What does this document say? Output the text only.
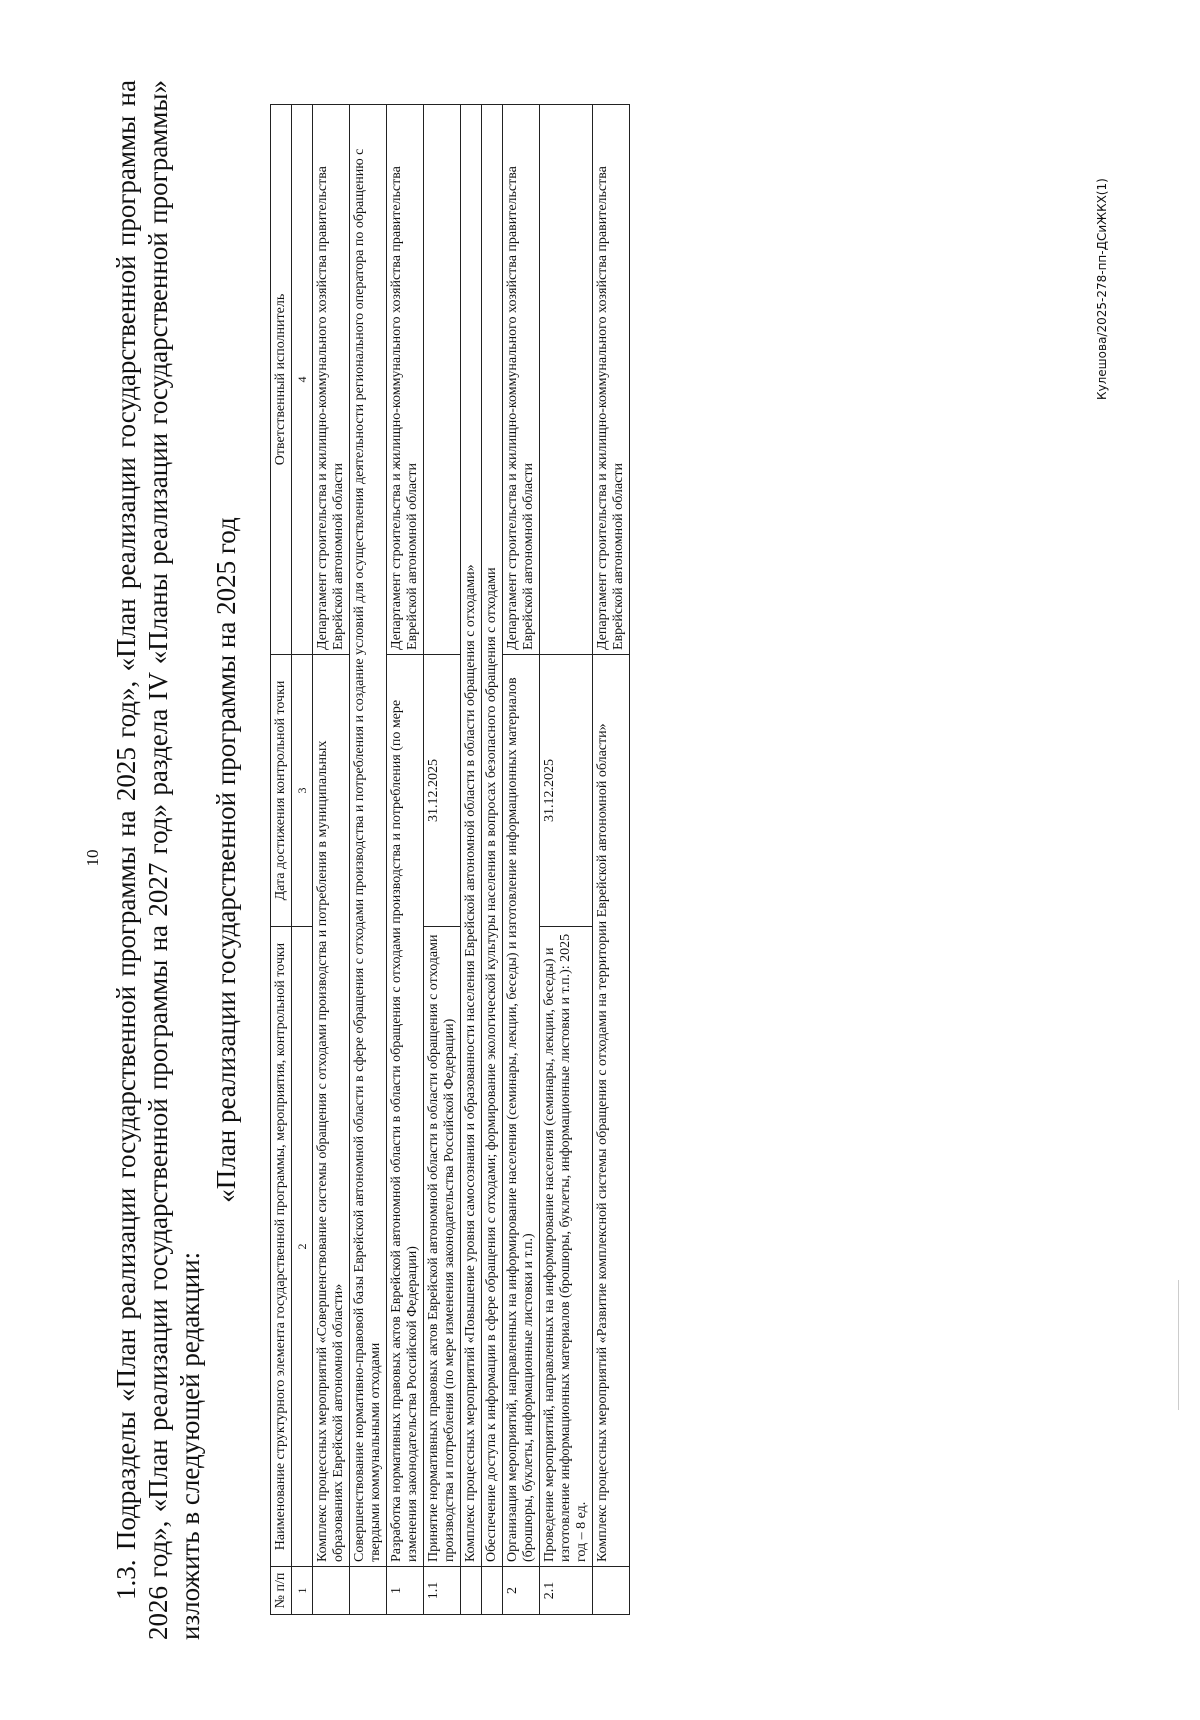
10 1.3. Подразделы «План реализации государственной программы на 2025 год», «План реализации государственной программы на 2026 год», «План реализации государственной программы на 2027 год» раздела IV «Планы реализации государственной программы» изложить в следующей редакции:

«План реализации государственной программы на 2025 год
№ п/п	Наименование структурного элемента государственной программы, мероприятия, контрольной точки	Дата достижения контрольной точки	Ответственный исполнитель
1	2	3	4
	Комплекс процессных мероприятий «Совершенствование системы обращения с отходами производства и потребления в муниципальных образованиях Еврейской автономной области»		Департамент строительства и жилищно-коммунального хозяйства правительства Еврейской автономной области
	Совершенствование нормативно-правовой базы Еврейской автономной области в сфере обращения с отходами производства и потребления и создание условий для осуществления деятельности регионального оператора по обращению с твердыми коммунальными отходами		
1	Разработка нормативных правовых актов Еврейской автономной области в области обращения с отходами производства и потребления (по мере изменения законодательства Российской Федерации)		Департамент строительства и жилищно-коммунального хозяйства правительства Еврейской автономной области
1.1	Принятие нормативных правовых актов Еврейской автономной области в области обращения с отходами производства и потребления (по мере изменения законодательства Российской Федерации)	31.12.2025	
	Комплекс процессных мероприятий «Повышение уровня самосознания и образованности населения Еврейской автономной области в области обращения с отходами»		
	Обеспечение доступа к информации в сфере обращения с отходами; формирование экологической культуры населения в вопросах безопасного обращения с отходами		
2	Организация мероприятий, направленных на информирование населения (семинары, лекции, беседы) и изготовление информационных материалов (брошюры, буклеты, информационные листовки и т.п.)		Департамент строительства и жилищно-коммунального хозяйства правительства Еврейской автономной области
2.1	Проведение мероприятий, направленных на информирование населения (семинары, лекции, беседы) и изготовление информационных материалов (брошюры, буклеты, информационные листовки и т.п.): 2025 год – 8 ед.	31.12.2025	
	Комплекс процессных мероприятий «Развитие комплексной системы обращения с отходами на территории Еврейской автономной области»		Департамент строительства и жилищно-коммунального хозяйства правительства Еврейской автономной области
Кулешова/2025-278-пп-ДСиЖКХ(1)
